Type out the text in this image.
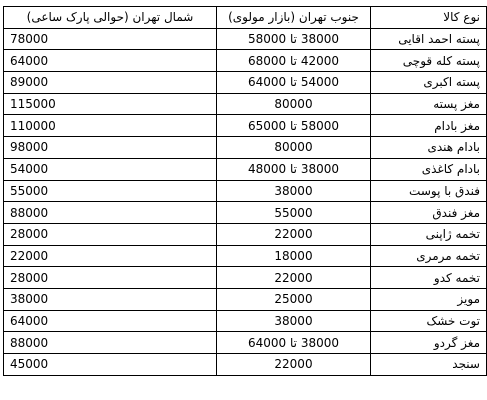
نوع کالا	جنوب تهران (بازار مولوی)	شمال تهران (حوالی پارک ساعی)
پسته احمد اقایی	38000 تا 58000	78000
پسته کله قوچی	42000 تا 68000	64000
پسته اکبری	54000 تا 64000	89000
مغز پسته	80000	115000
مغز بادام	58000 تا 65000	110000
بادام هندی	80000	98000
بادام کاغذی	38000 تا 48000	54000
فندق با پوست	38000	55000
مغز فندق	55000	88000
تخمه ژاپنی	22000	28000
تخمه مرمری	18000	22000
تخمه کدو	22000	28000
مویز	25000	38000
توت خشک	38000	64000
مغز گردو	38000 تا 64000	88000
سنجد	22000	45000
